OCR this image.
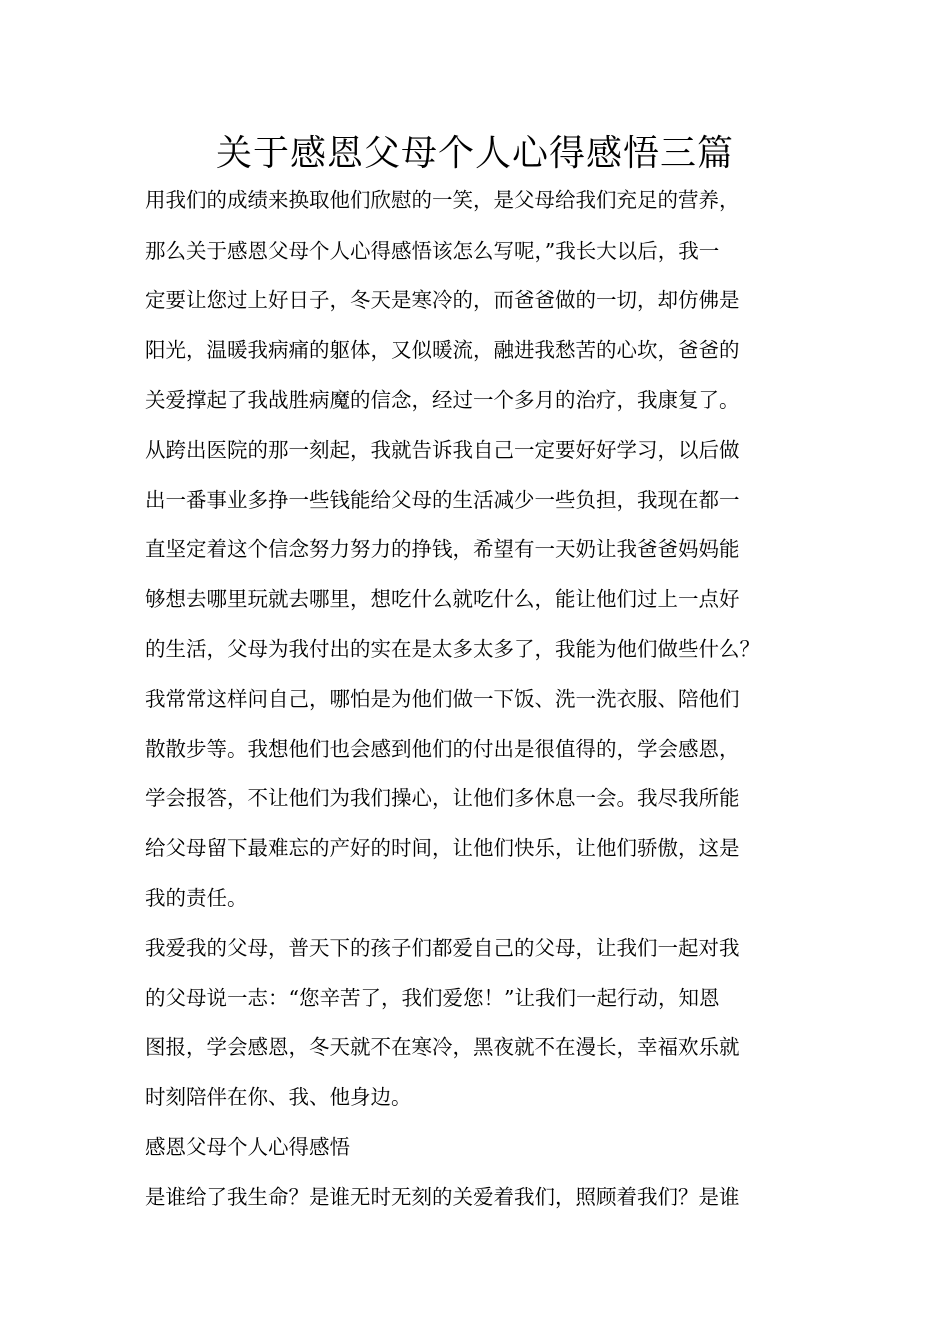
关于感恩父母个人心得感悟三篇
用我们的成绩来换取他们欣慰的一笑，是父母给我们充足的营养，
那么关于感恩父母个人心得感悟该怎么写呢，”我长大以后，我一
定要让您过上好日子，冬天是寒冷的，而爸爸做的一切，却仿佛是
阳光，温暖我病痛的躯体，又似暖流，融进我愁苦的心坎，爸爸的
关爱撑起了我战胜病魔的信念，经过一个多月的治疗，我康复了。
从跨出医院的那一刻起，我就告诉我自己一定要好好学习，以后做
出一番事业多挣一些钱能给父母的生活减少一些负担，我现在都一
直坚定着这个信念努力努力的挣钱，希望有一天奶让我爸爸妈妈能
够想去哪里玩就去哪里，想吃什么就吃什么，能让他们过上一点好
的生活，父母为我付出的实在是太多太多了，我能为他们做些什么？
我常常这样问自己，哪怕是为他们做一下饭、洗一洗衣服、陪他们
散散步等。我想他们也会感到他们的付出是很值得的，学会感恩，
学会报答，不让他们为我们操心，让他们多休息一会。我尽我所能
给父母留下最难忘的产好的时间，让他们快乐，让他们骄傲，这是
我的责任。
我爱我的父母，普天下的孩子们都爱自己的父母，让我们一起对我
的父母说一志：“您辛苦了，我们爱您！”让我们一起行动，知恩
图报，学会感恩，冬天就不在寒冷，黑夜就不在漫长，幸福欢乐就
时刻陪伴在你、我、他身边。
感恩父母个人心得感悟
是谁给了我生命？是谁无时无刻的关爱着我们，照顾着我们？是谁
